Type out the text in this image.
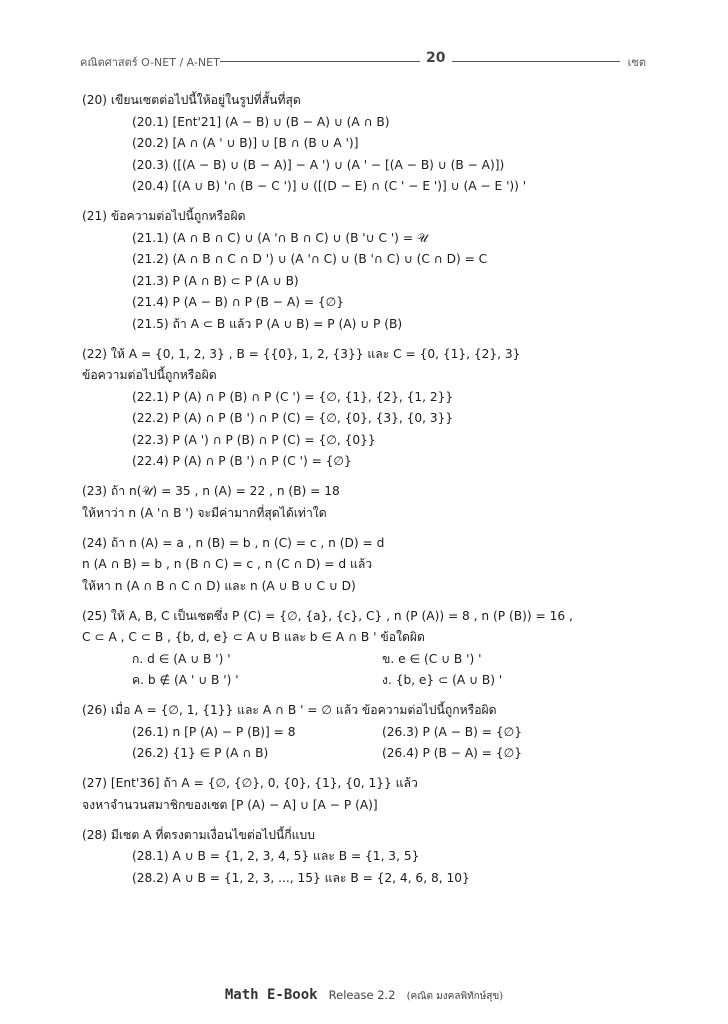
คณิตศาสตร์ O-NET / A-NET	20	เซต
(20) เขียนเซตต่อไปนี้ให้อยู่ในรูปที่สั้นที่สุด
(20.1) [Ent'21] (A − B) ∪ (B − A) ∪ (A ∩ B)
(20.2) [A ∩ (A ' ∪ B)] ∪ [B ∩ (B ∪ A ')]
(20.3) ([(A − B) ∪ (B − A)] − A ') ∪ (A ' − [(A − B) ∪ (B − A)])
(20.4) [(A ∪ B) '∩ (B − C ')] ∪ ([(D − E) ∩ (C ' − E ')] ∪ (A − E ')) '
(21) ข้อความต่อไปนี้ถูกหรือผิด
(21.1) (A ∩ B ∩ C) ∪ (A '∩ B ∩ C) ∪ (B '∪ C ') = 𝒰
(21.2) (A ∩ B ∩ C ∩ D ') ∪ (A '∩ C) ∪ (B '∩ C) ∪ (C ∩ D) = C
(21.3) P (A ∩ B) ⊂ P (A ∪ B)
(21.4) P (A − B) ∩ P (B − A) = {∅}
(21.5) ถ้า A ⊂ B แล้ว P (A ∪ B) = P (A) ∪ P (B)
(22) ให้ A = {0, 1, 2, 3} , B = {{0}, 1, 2, {3}} และ C = {0, {1}, {2}, 3}
ข้อความต่อไปนี้ถูกหรือผิด
(22.1) P (A) ∩ P (B) ∩ P (C ') = {∅, {1}, {2}, {1, 2}}
(22.2) P (A) ∩ P (B ') ∩ P (C) = {∅, {0}, {3}, {0, 3}}
(22.3) P (A ') ∩ P (B) ∩ P (C) = {∅, {0}}
(22.4) P (A) ∩ P (B ') ∩ P (C ') = {∅}
(23) ถ้า n(𝒰) = 35 , n (A) = 22 , n (B) = 18
ให้หาว่า n (A '∩ B ') จะมีค่ามากที่สุดได้เท่าใด
(24) ถ้า n (A) = a , n (B) = b , n (C) = c , n (D) = d
n (A ∩ B) = b , n (B ∩ C) = c , n (C ∩ D) = d แล้ว
ให้หา n (A ∩ B ∩ C ∩ D) และ n (A ∪ B ∪ C ∪ D)
(25) ให้ A, B, C เป็นเซตซึ่ง P (C) = {∅, {a}, {c}, C} , n (P (A)) = 8 , n (P (B)) = 16 ,
C ⊂ A , C ⊂ B , {b, d, e} ⊂ A ∪ B และ b ∈ A ∩ B ' ข้อใดผิด
ก. d ∈ (A ∪ B ') '	ข. e ∈ (C ∪ B ') '
ค. b ∉ (A ' ∪ B ') '	ง. {b, e} ⊂ (A ∪ B) '
(26) เมื่อ A = {∅, 1, {1}} และ A ∩ B ' = ∅ แล้ว ข้อความต่อไปนี้ถูกหรือผิด
(26.1) n [P (A) − P (B)] = 8	(26.3) P (A − B) = {∅}
(26.2) {1} ∈ P (A ∩ B)	(26.4) P (B − A) = {∅}
(27) [Ent'36] ถ้า A = {∅, {∅}, 0, {0}, {1}, {0, 1}} แล้ว
จงหาจำนวนสมาชิกของเซต [P (A) − A] ∪ [A − P (A)]
(28) มีเซต A ที่ตรงตามเงื่อนไขต่อไปนี้กี่แบบ
(28.1) A ∪ B = {1, 2, 3, 4, 5} และ B = {1, 3, 5}
(28.2) A ∪ B = {1, 2, 3, ..., 15} และ B = {2, 4, 6, 8, 10}
Math E-Book Release 2.2 (คณิต มงคลพิทักษ์สุข)
